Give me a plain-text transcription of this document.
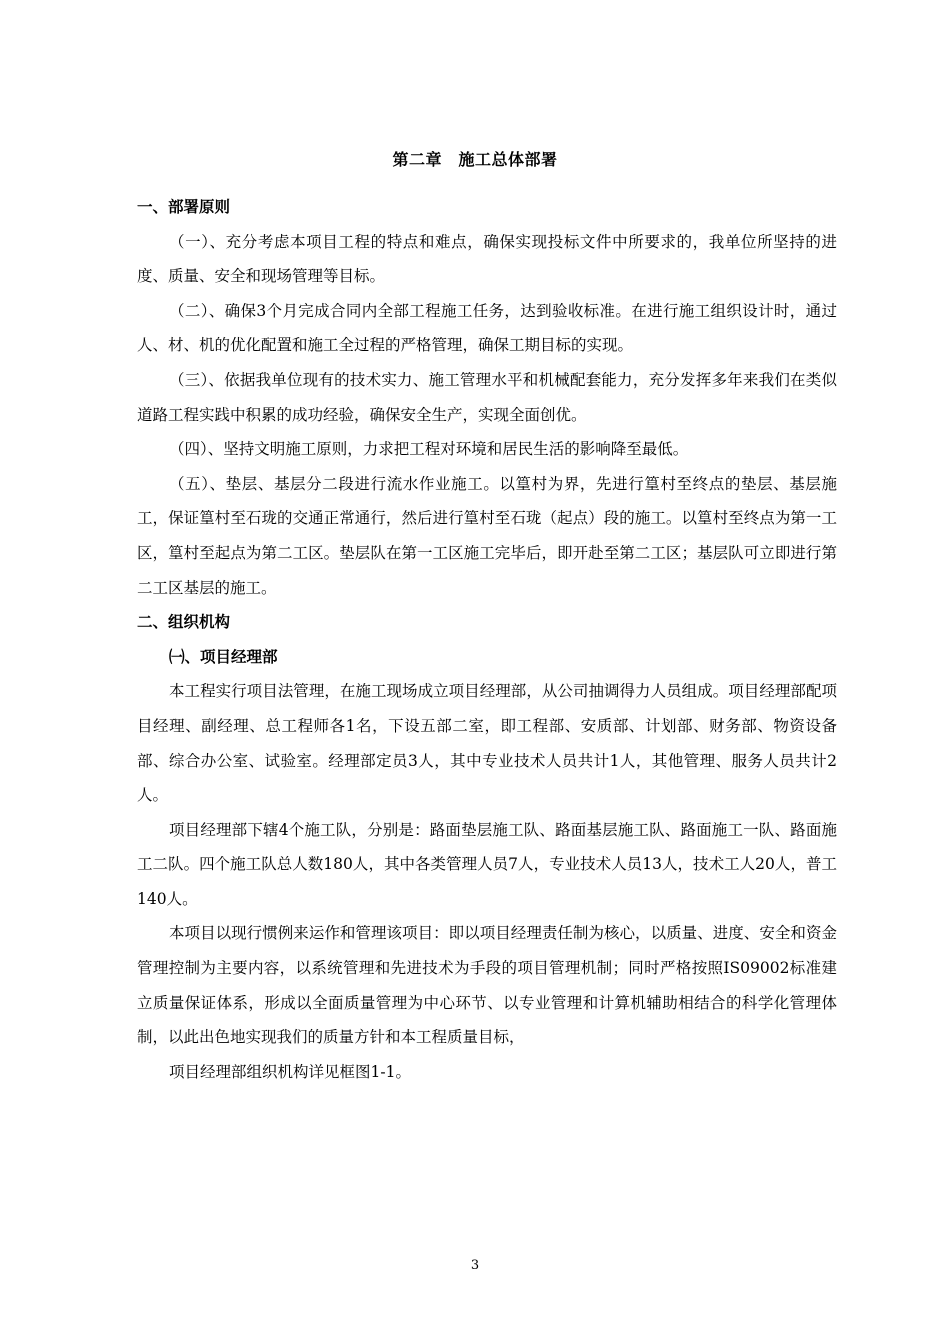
第二章　施工总体部署

一、部署原则

（一）、充分考虑本项目工程的特点和难点，确保实现投标文件中所要求的，我单位所坚持的进度、质量、安全和现场管理等目标。

（二）、确保3个月完成合同内全部工程施工任务，达到验收标准。在进行施工组织设计时，通过人、材、机的优化配置和施工全过程的严格管理，确保工期目标的实现。

（三）、依据我单位现有的技术实力、施工管理水平和机械配套能力，充分发挥多年来我们在类似道路工程实践中积累的成功经验，确保安全生产，实现全面创优。

（四）、坚持文明施工原则，力求把工程对环境和居民生活的影响降至最低。

（五）、垫层、基层分二段进行流水作业施工。以篁村为界，先进行篁村至终点的垫层、基层施工，保证篁村至石珑的交通正常通行，然后进行篁村至石珑（起点）段的施工。以篁村至终点为第一工区，篁村至起点为第二工区。垫层队在第一工区施工完毕后，即开赴至第二工区；基层队可立即进行第二工区基层的施工。

二、组织机构

㈠、项目经理部

本工程实行项目法管理，在施工现场成立项目经理部，从公司抽调得力人员组成。项目经理部配项目经理、副经理、总工程师各1名，下设五部二室，即工程部、安质部、计划部、财务部、物资设备部、综合办公室、试验室。经理部定员3人，其中专业技术人员共计1人，其他管理、服务人员共计2人。

项目经理部下辖4个施工队，分别是：路面垫层施工队、路面基层施工队、路面施工一队、路面施工二队。四个施工队总人数180人，其中各类管理人员7人，专业技术人员13人，技术工人20人，普工140人。

本项目以现行惯例来运作和管理该项目：即以项目经理责任制为核心，以质量、进度、安全和资金管理控制为主要内容，以系统管理和先进技术为手段的项目管理机制；同时严格按照IS09002标准建立质量保证体系，形成以全面质量管理为中心环节、以专业管理和计算机辅助相结合的科学化管理体制，以此出色地实现我们的质量方针和本工程质量目标，

项目经理部组织机构详见框图1-1。

3
